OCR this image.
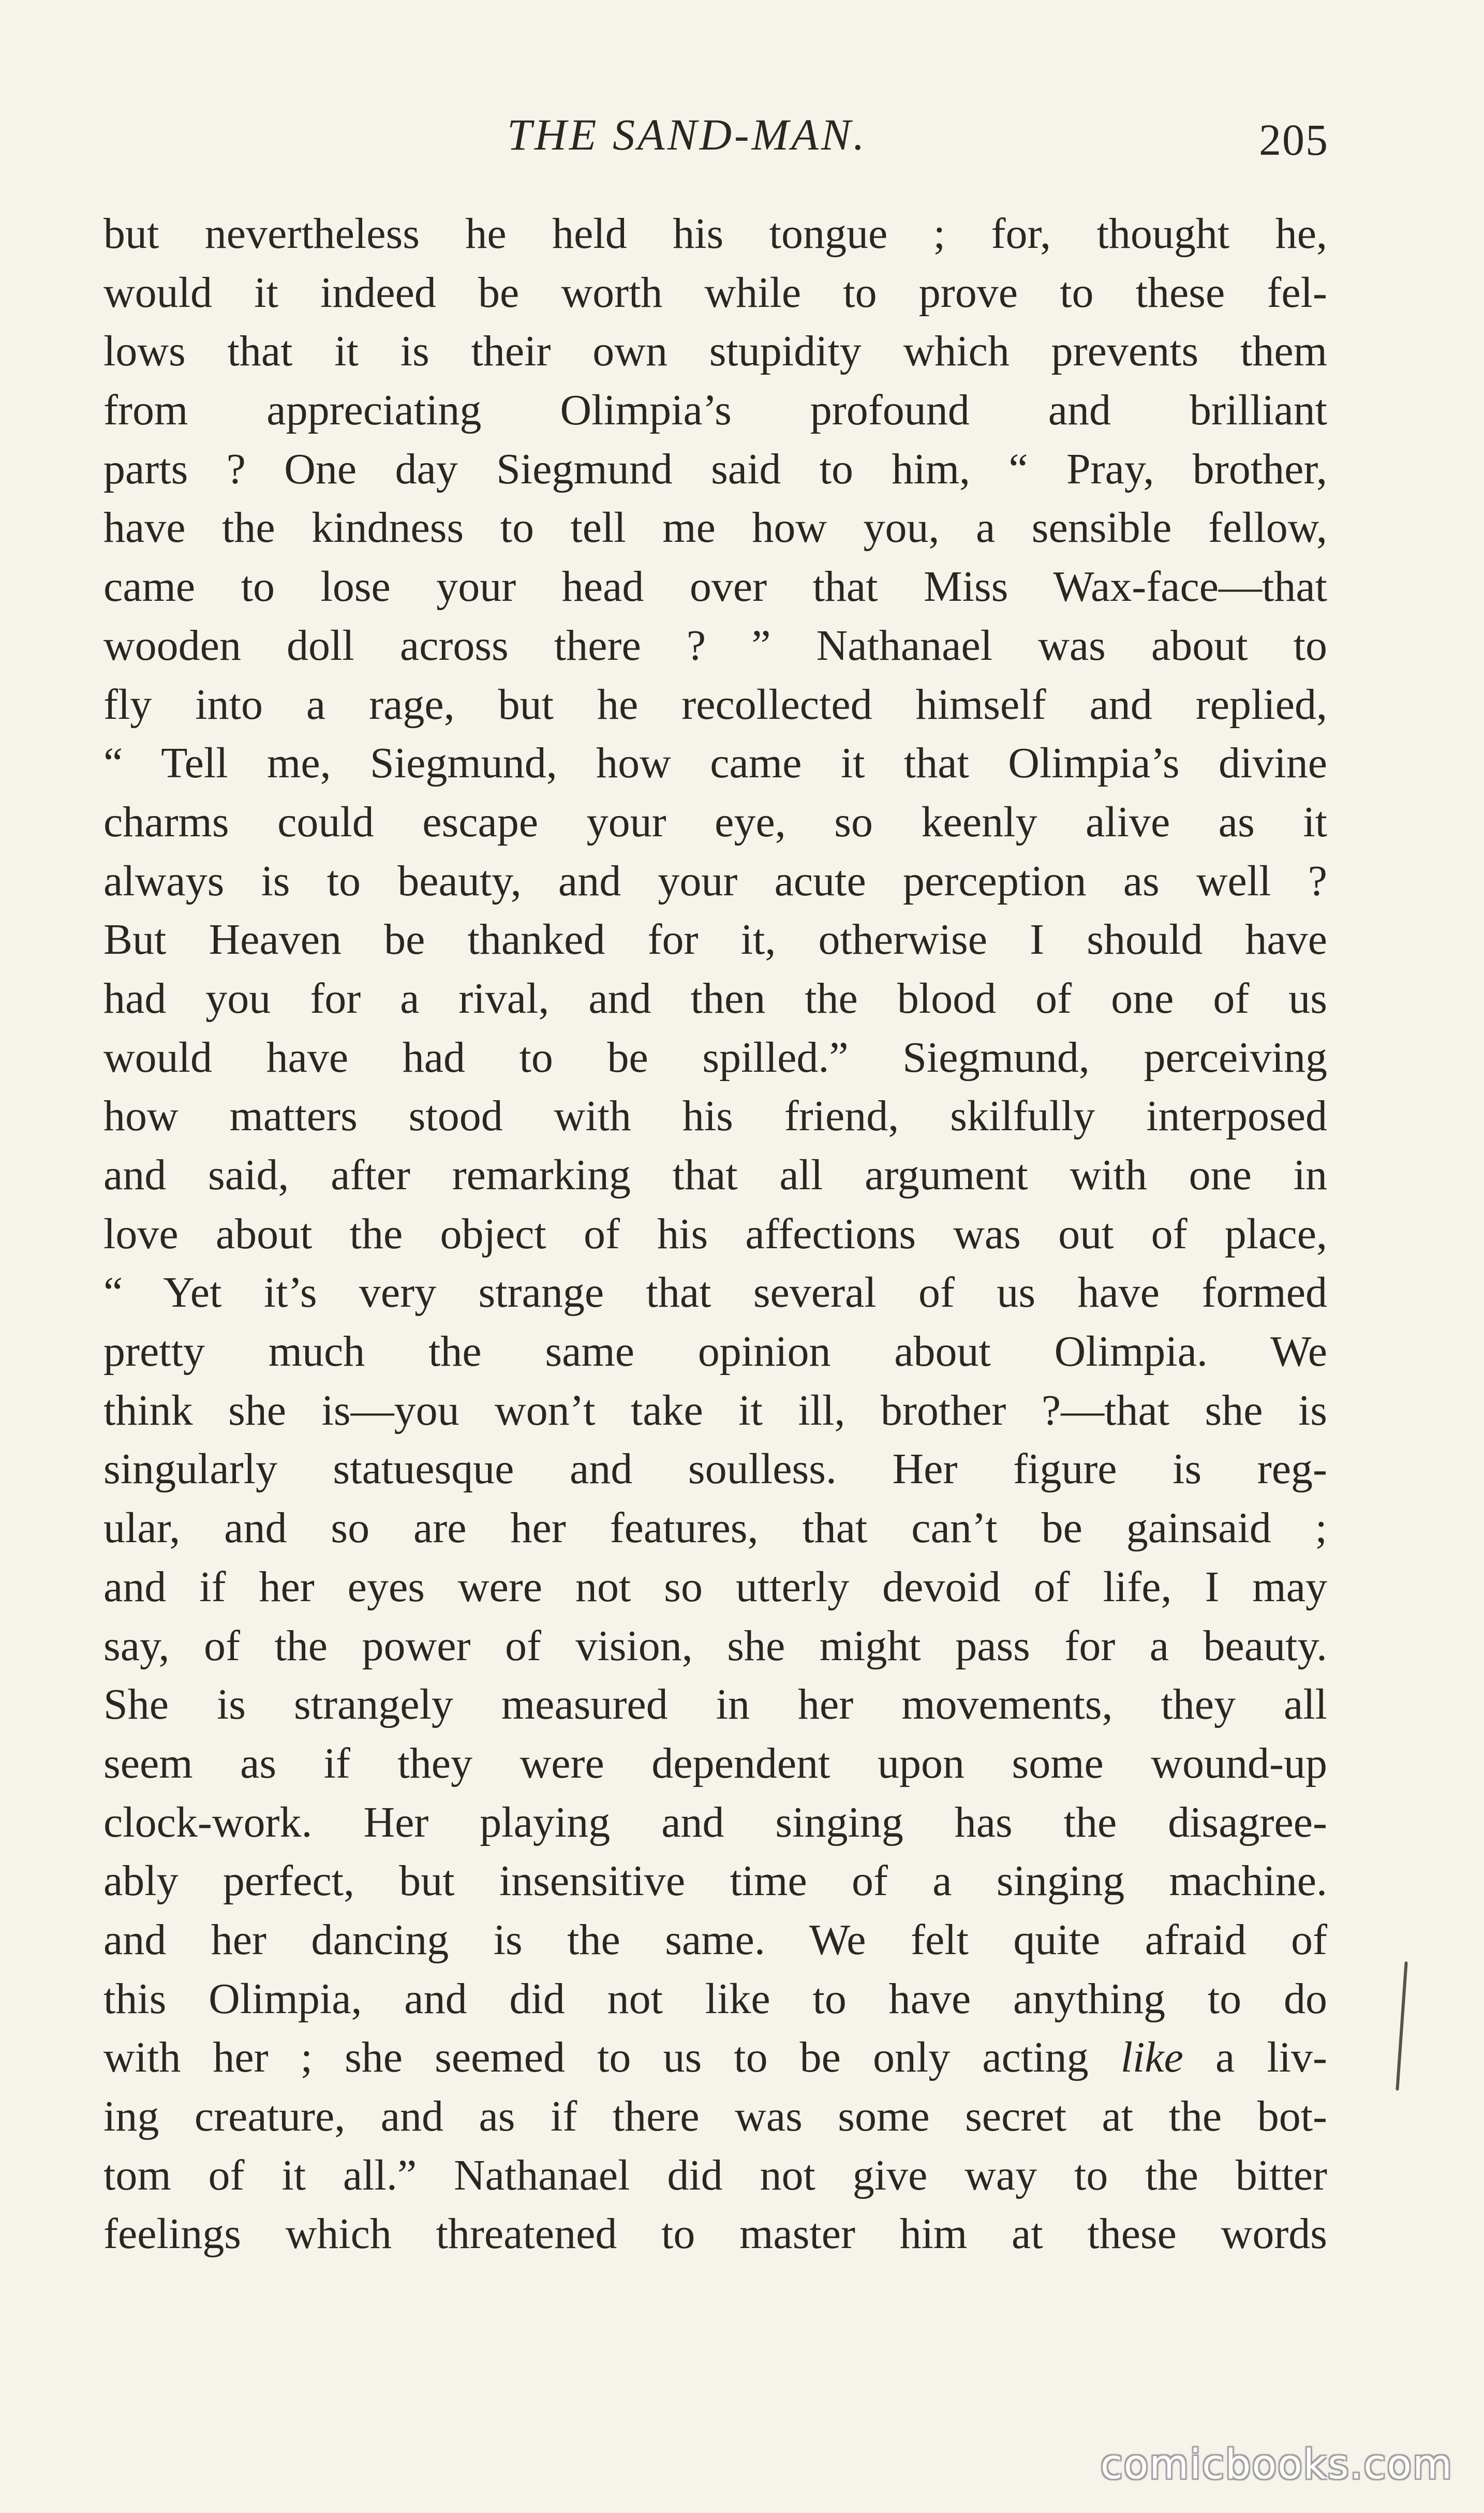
THE SAND-MAN.	205
but nevertheless he held his tongue ; for, thought he,
would it indeed be worth while to prove to these fel-
lows that it is their own stupidity which prevents them
from appreciating Olimpia’s profound and brilliant
parts ? One day Siegmund said to him, “ Pray, brother,
have the kindness to tell me how you, a sensible fellow,
came to lose your head over that Miss Wax-face—that
wooden doll across there ? ” Nathanael was about to
fly into a rage, but he recollected himself and replied,
“ Tell me, Siegmund, how came it that Olimpia’s divine
charms could escape your eye, so keenly alive as it
always is to beauty, and your acute perception as well ?
But Heaven be thanked for it, otherwise I should have
had you for a rival, and then the blood of one of us
would have had to be spilled.” Siegmund, perceiving
how matters stood with his friend, skilfully interposed
and said, after remarking that all argument with one in
love about the object of his affections was out of place,
“ Yet it’s very strange that several of us have formed
pretty much the same opinion about Olimpia. We
think she is—you won’t take it ill, brother ?—that she is
singularly statuesque and soulless. Her figure is reg-
ular, and so are her features, that can’t be gainsaid ;
and if her eyes were not so utterly devoid of life, I may
say, of the power of vision, she might pass for a beauty.
She is strangely measured in her movements, they all
seem as if they were dependent upon some wound-up
clock-work. Her playing and singing has the disagree-
ably perfect, but insensitive time of a singing machine.
and her dancing is the same. We felt quite afraid of
this Olimpia, and did not like to have anything to do
with her ; she seemed to us to be only acting like a liv-
ing creature, and as if there was some secret at the bot-
tom of it all.” Nathanael did not give way to the bitter
feelings which threatened to master him at these words
comicbooks.com
